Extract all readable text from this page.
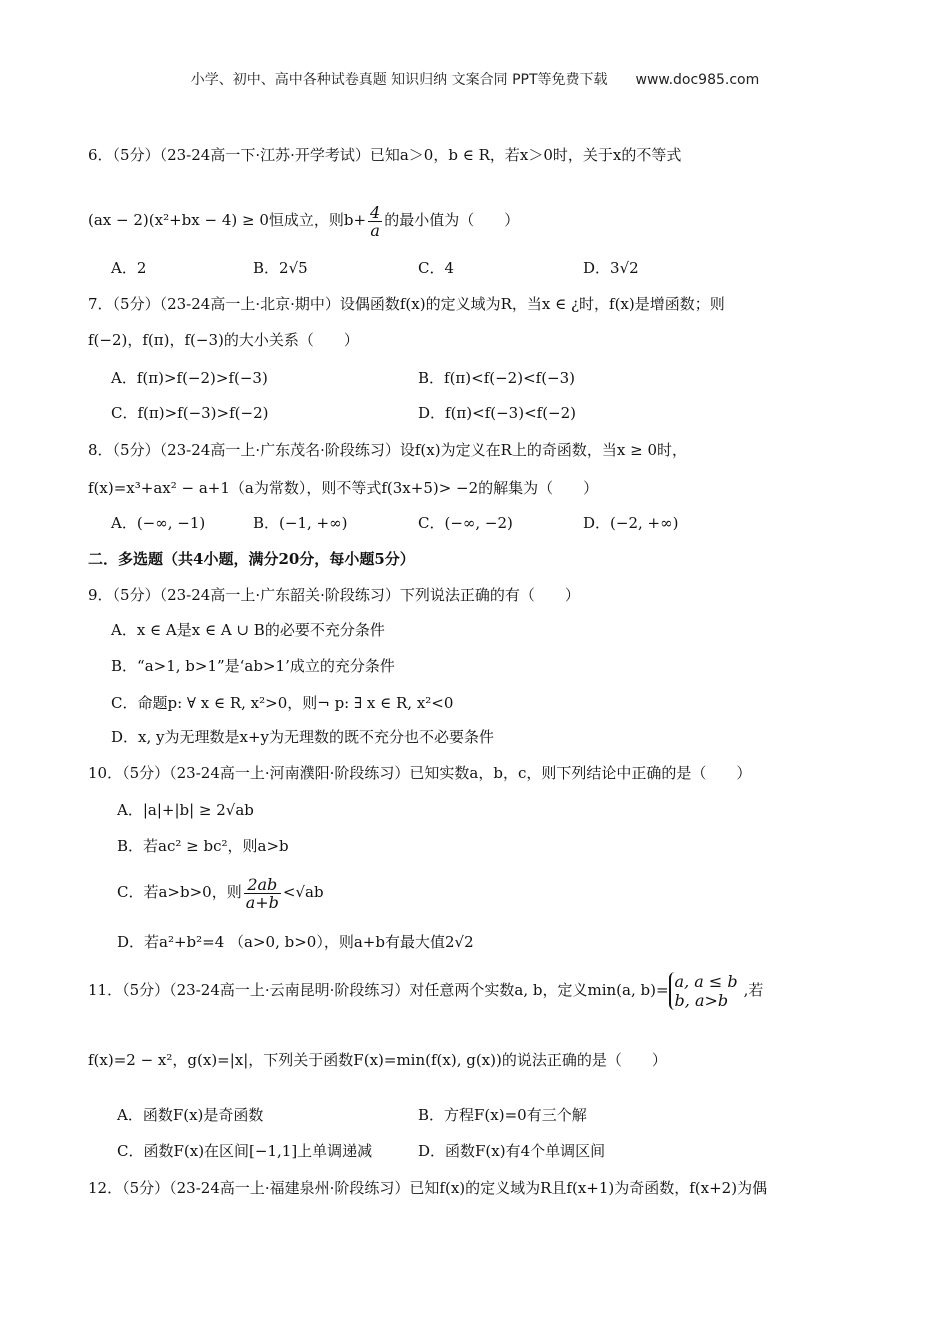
小学、初中、高中各种试卷真题 知识归纳 文案合同 PPT等免费下载 www.doc985.com
6．（5分）（23-24高一下·江苏·开学考试）已知a＞0，b ∈ R，若x＞0时，关于x的不等式
(ax − 2)(x²+bx − 4) ≥ 0恒成立，则$b+ \frac{4}{a}$ 的最小值为（　　）
A．2	B．2√5	C．4	D．3√2
7．（5分）（23-24高一上·北京·期中）设偶函数f(x)的定义域为R，当x ∈ ¿时，f(x)是增函数；则
f(−2)，f(π)，f(−3)的大小关系（　　）
A．f(π)>f(−2)>f(−3)	B．f(π)<f(−2)<f(−3)
C．f(π)>f(−3)>f(−2)	D．f(π)<f(−3)<f(−2)
8．（5分）（23-24高一上·广东茂名·阶段练习）设f(x)为定义在R上的奇函数，当x ≥ 0时，
f(x)=x³+ax² − a+1（a为常数），则不等式f(3x+5)> −2的解集为（　　）
A．(−∞, −1)	B．(−1, +∞)	C．(−∞, −2)	D．(−2, +∞)
二．多选题（共4小题，满分20分，每小题5分）
9．（5分）（23-24高一上·广东韶关·阶段练习）下列说法正确的有（　　）
A．x ∈ A是x ∈ A ∪ B的必要不充分条件
B．“a>1, b>1”是‘ab>1’成立的充分条件
C．命题p: ∀ x ∈ R, x²>0，则¬ p: ∃ x ∈ R, x²<0
D．x, y为无理数是x+y为无理数的既不充分也不必要条件
10．（5分）（23-24高一上·河南濮阳·阶段练习）已知实数a，b，c，则下列结论中正确的是（　　）
A．|a|+|b| ≥ 2√ab
B．若ac² ≥ bc²，则a>b
C．若a>b>0，则 $\frac{2ab}{a+b} <√ab$
D．若a²+b²=4 （a>0, b>0），则a+b有最大值2√2
11．（5分）（23-24高一上·云南昆明·阶段练习）对任意两个实数a, b，定义min(a, b)= a, a ≤ b
b, a>b
,若
f(x)=2 − x²，g(x)=|x|，下列关于函数F(x)=min(f(x), g(x))的说法正确的是（　　）
A．函数F(x)是奇函数	B．方程F(x)=0有三个解
C．函数F(x)在区间[−1,1]上单调递减	D．函数F(x)有4个单调区间
12．（5分）（23-24高一上·福建泉州·阶段练习）已知f(x)的定义域为R且f(x+1)为奇函数，f(x+2)为偶
